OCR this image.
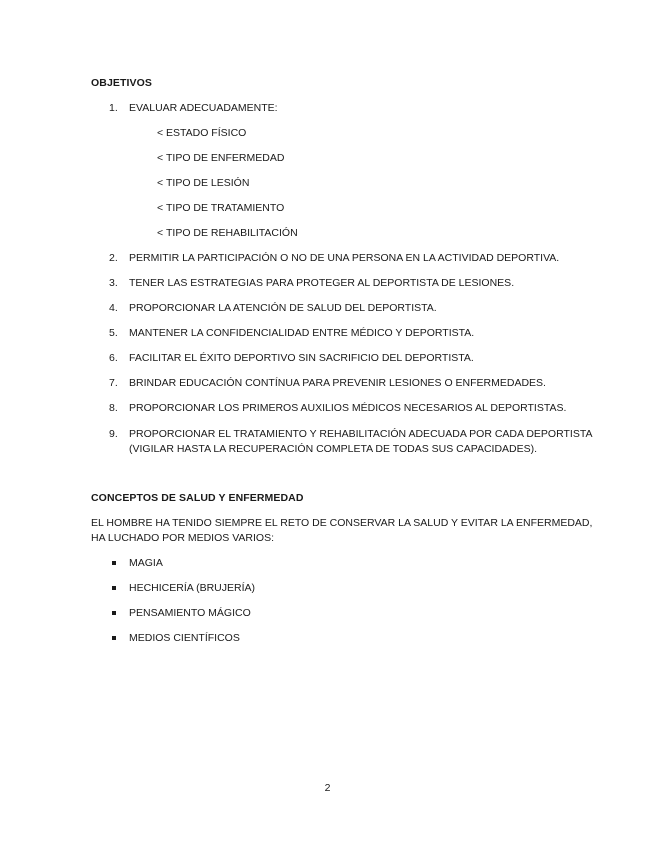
OBJETIVOS
1. EVALUAR ADECUADAMENTE:
< ESTADO FÍSICO
< TIPO DE ENFERMEDAD
< TIPO DE LESIÓN
< TIPO DE TRATAMIENTO
< TIPO DE REHABILITACIÓN
2. PERMITIR LA PARTICIPACIÓN O NO DE UNA PERSONA EN LA ACTIVIDAD DEPORTIVA.
3. TENER LAS ESTRATEGIAS PARA PROTEGER AL DEPORTISTA DE LESIONES.
4. PROPORCIONAR LA ATENCIÓN DE SALUD DEL DEPORTISTA.
5. MANTENER LA CONFIDENCIALIDAD ENTRE MÉDICO Y DEPORTISTA.
6. FACILITAR EL ÉXITO DEPORTIVO SIN SACRIFICIO DEL DEPORTISTA.
7. BRINDAR EDUCACIÓN CONTÍNUA PARA PREVENIR LESIONES O ENFERMEDADES.
8. PROPORCIONAR LOS PRIMEROS AUXILIOS MÉDICOS NECESARIOS AL DEPORTISTAS.
9. PROPORCIONAR EL TRATAMIENTO Y REHABILITACIÓN ADECUADA POR CADA DEPORTISTA
(VIGILAR HASTA LA RECUPERACIÓN COMPLETA DE TODAS SUS CAPACIDADES).
CONCEPTOS DE SALUD Y ENFERMEDAD
EL HOMBRE HA TENIDO SIEMPRE EL RETO DE CONSERVAR LA SALUD Y EVITAR LA ENFERMEDAD,
HA LUCHADO POR MEDIOS VARIOS:
MAGIA
HECHICERÍA (BRUJERÍA)
PENSAMIENTO MÁGICO
MEDIOS CIENTÍFICOS
2
